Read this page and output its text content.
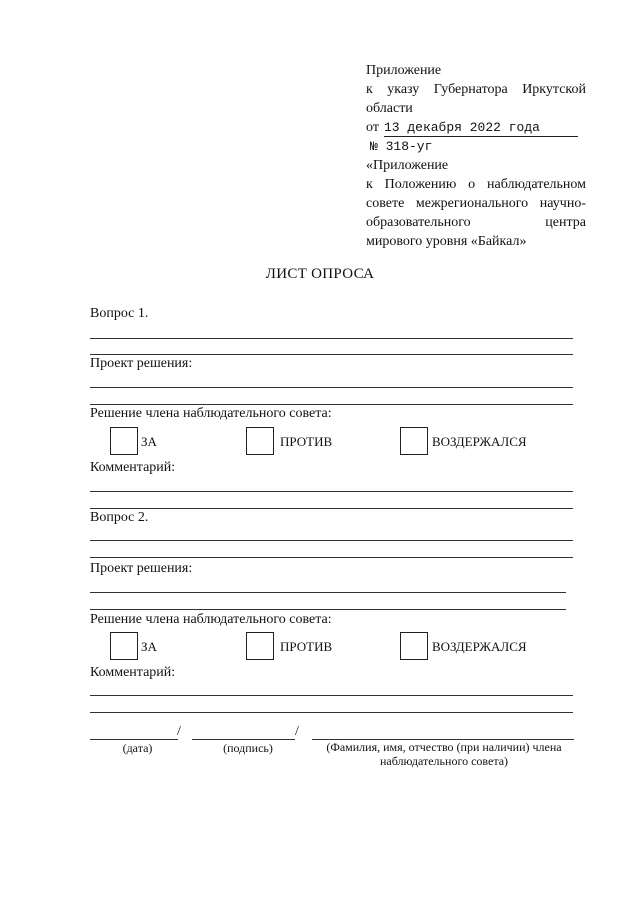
Приложение
к указу Губернатора Иркутской
области
от 13 декабря 2022 года
№ 318-уг
«Приложение
к Положению о наблюдательном
совете межрегионального научно-
образовательного центра
мирового уровня «Байкал»
ЛИСТ ОПРОСА
Вопрос 1.
Проект решения:
Решение члена наблюдательного совета:
ЗА	ПРОТИВ	ВОЗДЕРЖАЛСЯ
Комментарий:
Вопрос 2.
Проект решения:
Решение члена наблюдательного совета:
ЗА	ПРОТИВ	ВОЗДЕРЖАЛСЯ
Комментарий:
/	/
(дата)	(подпись)	(Фамилия, имя, отчество (при наличии) члена
наблюдательного совета)
